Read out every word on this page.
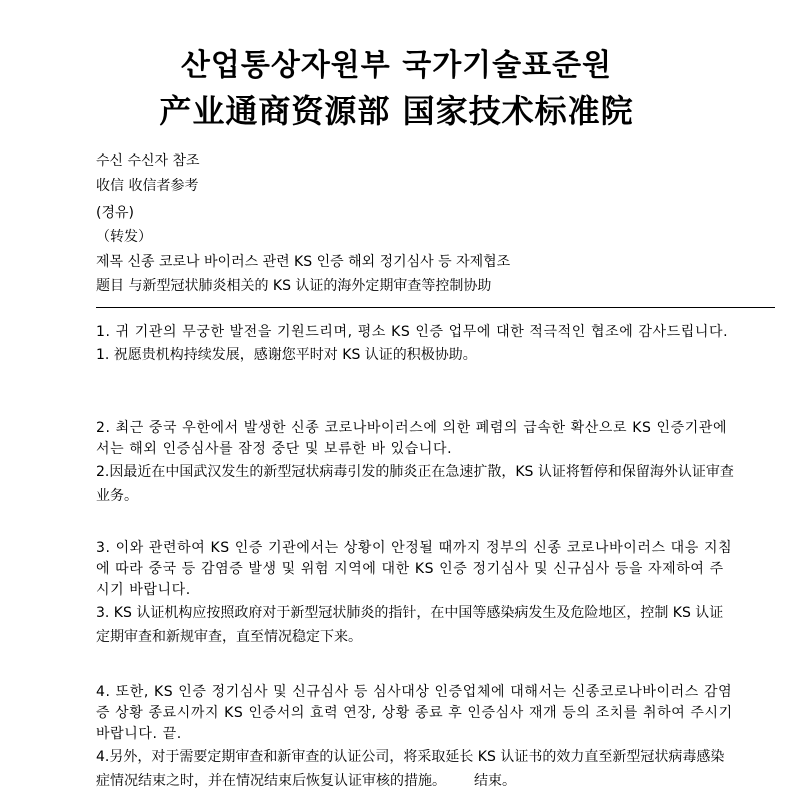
산업통상자원부 국가기술표준원
产业通商资源部 国家技术标准院
수신 수신자 참조
收信 收信者参考
(경유)
（转发）
제목 신종 코로나 바이러스 관련 KS 인증 해외 정기심사 등 자제협조
题目 与新型冠状肺炎相关的 KS 认证的海外定期审查等控制协助
1. 귀 기관의 무궁한 발전을 기원드리며, 평소 KS 인증 업무에 대한 적극적인 협조에 감사드립니다.
1. 祝愿贵机构持续发展，感谢您平时对 KS 认证的积极协助。
2. 최근 중국 우한에서 발생한 신종 코로나바이러스에 의한 폐렴의 급속한 확산으로 KS 인증기관에서는 해외 인증심사를 잠정 중단 및 보류한 바 있습니다.
2.因最近在中国武汉发生的新型冠状病毒引发的肺炎正在急速扩散，KS 认证将暂停和保留海外认证审查业务。
3. 이와 관련하여 KS 인증 기관에서는 상황이 안정될 때까지 정부의 신종 코로나바이러스 대응 지침에 따라 중국 등 감염증 발생 및 위험 지역에 대한 KS 인증 정기심사 및 신규심사 등을 자제하여 주시기 바랍니다.
3. KS 认证机构应按照政府对于新型冠状肺炎的指针，在中国等感染病发生及危险地区，控制 KS 认证定期审查和新规审查，直至情况稳定下来。
4. 또한, KS 인증 정기심사 및 신규심사 등 심사대상 인증업체에 대해서는 신종코로나바이러스 감염증 상황 종료시까지 KS 인증서의 효력 연장, 상황 종료 후 인증심사 재개 등의 조치를 취하여 주시기 바랍니다. 끝.
4.另外，对于需要定期审查和新审查的认证公司，将采取延长 KS 认证书的效力直至新型冠状病毒感染症情况结束之时，并在情况结束后恢复认证审核的措施。 结束。
